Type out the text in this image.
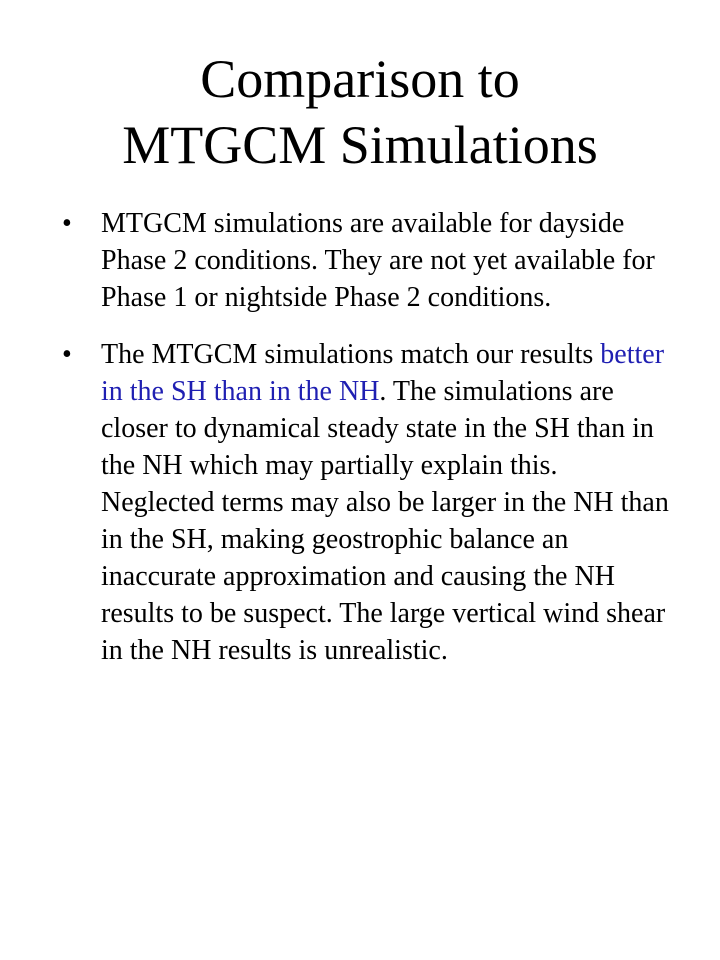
Comparison to
MTGCM Simulations
• MTGCM simulations are available for dayside Phase 2 conditions. They are not yet available for Phase 1 or nightside Phase 2 conditions.
• The MTGCM simulations match our results better in the SH than in the NH. The simulations are closer to dynamical steady state in the SH than in the NH which may partially explain this. Neglected terms may also be larger in the NH than in the SH, making geostrophic balance an inaccurate approximation and causing the NH results to be suspect. The large vertical wind shear in the NH results is unrealistic.
